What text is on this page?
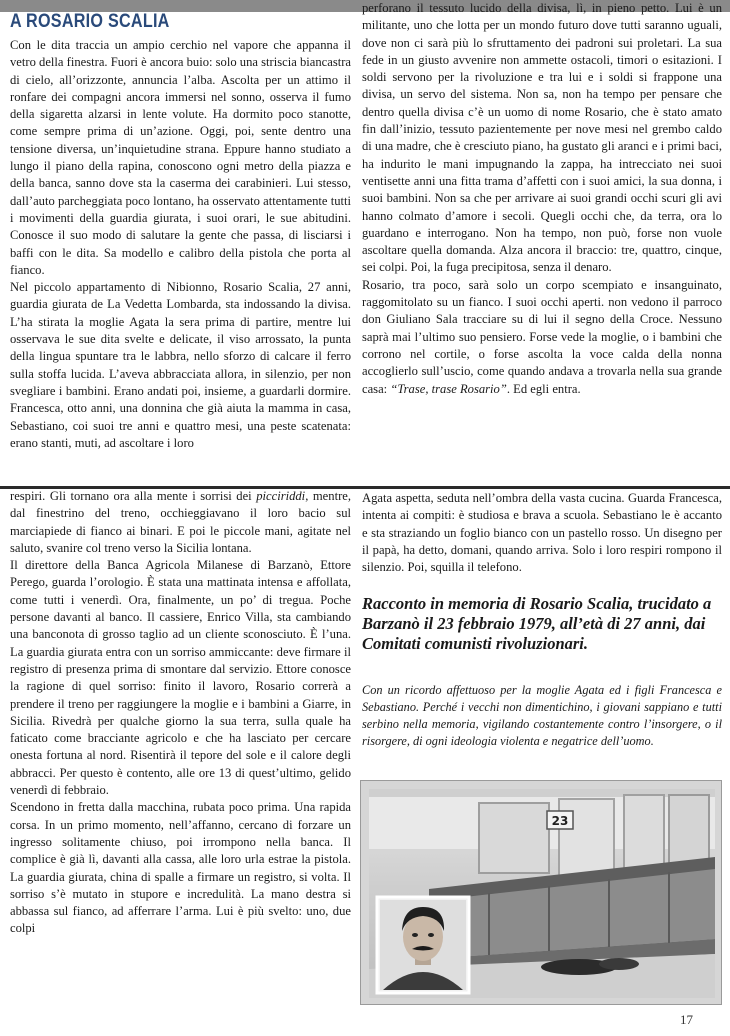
A ROSARIO SCALIA

Con le dita traccia un ampio cerchio nel vapore che appanna il vetro della finestra. Fuori è ancora buio: solo una striscia biancastra di cielo, all’orizzonte, annuncia l’alba. Ascolta per un attimo il ronfare dei compagni ancora immersi nel sonno, osserva il fumo della sigaretta alzarsi in lente volute. Ha dormito poco stanotte, come sempre prima di un’azione. Oggi, poi, sente dentro una tensione diversa, un’inquietudine strana. Eppure hanno studiato a lungo il piano della rapina, conoscono ogni metro della piazza e della banca, sanno dove sta la caserma dei carabinieri. Lui stesso, dall’auto parcheggiata poco lontano, ha osservato attentamente tutti i movimenti della guardia giurata, i suoi orari, le sue abitudini. Conosce il suo modo di salutare la gente che passa, di lisciarsi i baffi con le dita. Sa modello e calibro della pistola che porta al fianco.

Nel piccolo appartamento di Nibionno, Rosario Scalia, 27 anni, guardia giurata de La Vedetta Lombarda, sta indossando la divisa. L’ha stirata la moglie Agata la sera prima di partire, mentre lui osservava le sue dita svelte e delicate, il viso arrossato, la punta della lingua spuntare tra le labbra, nello sforzo di calcare il ferro sulla stoffa lucida. L’aveva abbracciata allora, in silenzio, per non svegliare i bambini. Erano andati poi, insieme, a guardarli dormire. Francesca, otto anni, una donnina che già aiuta la mamma in casa, Sebastiano, coi suoi tre anni e quattro mesi, una peste scatenata: erano stanti, muti, ad ascoltare i loro

respiri. Gli tornano ora alla mente i sorrisi dei picciriddi, mentre, dal finestrino del treno, occhieggiavano il loro bacio sul marciapiede di fianco ai binari. E poi le piccole mani, agitate nel saluto, svanire col treno verso la Sicilia lontana.

Il direttore della Banca Agricola Milanese di Barzanò, Ettore Perego, guarda l’orologio. È stata una mattinata intensa e affollata, come tutti i venerdì. Ora, finalmente, un po’ di tregua. Poche persone davanti al banco. Il cassiere, Enrico Villa, sta cambiando una banconota di grosso taglio ad un cliente sconosciuto. È l’una. La guardia giurata entra con un sorriso ammiccante: deve firmare il registro di presenza prima di smontare dal servizio. Ettore conosce la ragione di quel sorriso: finito il lavoro, Rosario correrà a prendere il treno per raggiungere la moglie e i bambini a Giarre, in Sicilia. Rivedrà per qualche giorno la sua terra, sulla quale ha faticato come bracciante agricolo e che ha lasciato per cercare onesta fortuna al nord. Risentirà il tepore del sole e il calore degli abbracci. Per questo è contento, alle ore 13 di quest’ultimo, gelido venerdì di febbraio.

Scendono in fretta dalla macchina, rubata poco prima. Una rapida corsa. In un primo momento, nell’affanno, cercano di forzare un ingresso solitamente chiuso, poi irrompono nella banca. Il complice è già lì, davanti alla cassa, alle loro urla estrae la pistola. La guardia giurata, china di spalle a firmare un registro, si volta. Il sorriso s’è mutato in stupore e incredulità. La mano destra si abbassa sul fianco, ad afferrare l’arma. Lui è più svelto: uno, due colpi

perforano il tessuto lucido della divisa, lì, in pieno petto. Lui è un militante, uno che lotta per un mondo futuro dove tutti saranno uguali, dove non ci sarà più lo sfruttamento dei padroni sui proletari. La sua fede in un giusto avvenire non ammette ostacoli, timori o esitazioni. I soldi servono per la rivoluzione e tra lui e i soldi si frappone una divisa, un servo del sistema. Non sa, non ha tempo per pensare che dentro quella divisa c’è un uomo di nome Rosario, che è stato amato fin dall’inizio, tessuto pazientemente per nove mesi nel grembo caldo di una madre, che è cresciuto piano, ha gustato gli aranci e i primi baci, ha indurito le mani impugnando la zappa, ha intrecciato nei suoi ventisette anni una fitta trama d’affetti con i suoi amici, la sua donna, i suoi bambini. Non sa che per arrivare ai suoi grandi occhi scuri gli avi hanno colmato d’amore i secoli. Quegli occhi che, da terra, ora lo guardano e interrogano. Non ha tempo, non può, forse non vuole ascoltare quella domanda. Alza ancora il braccio: tre, quattro, cinque, sei colpi. Poi, la fuga precipitosa, senza il denaro.

Rosario, tra poco, sarà solo un corpo scempiato e insanguinato, raggomitolato su un fianco. I suoi occhi aperti. non vedono il parroco don Giuliano Sala tracciare su di lui il segno della Croce. Nessuno saprà mai l’ultimo suo pensiero. Forse vede la moglie, o i bambini che corrono nel cortile, o forse ascolta la voce calda della nonna accoglierlo sull’uscio, come quando andava a trovarla nella sua grande casa: “Trase, trase Rosario”. Ed egli entra.

Agata aspetta, seduta nell’ombra della vasta cucina. Guarda Francesca, intenta ai compiti: è studiosa e brava a scuola. Sebastiano le è accanto e sta straziando un foglio bianco con un pastello rosso. Un disegno per il papà, ha detto, domani, quando arriva. Solo i loro respiri rompono il silenzio. Poi, squilla il telefono.

Racconto in memoria di Rosario Scalia, trucidato a Barzanò il 23 febbraio 1979, all’età di 27 anni, dai Comitati comunisti rivoluzionari.
Con un ricordo affettuoso per la moglie Agata ed i figli Francesca e Sebastiano. Perché i vecchi non dimentichino, i giovani sappiano e tutti serbino nella memoria, vigilando costantemente contro l’insorgere, o il risorgere, di ogni ideologia violenta e negatrice dell’uomo.
23
17
